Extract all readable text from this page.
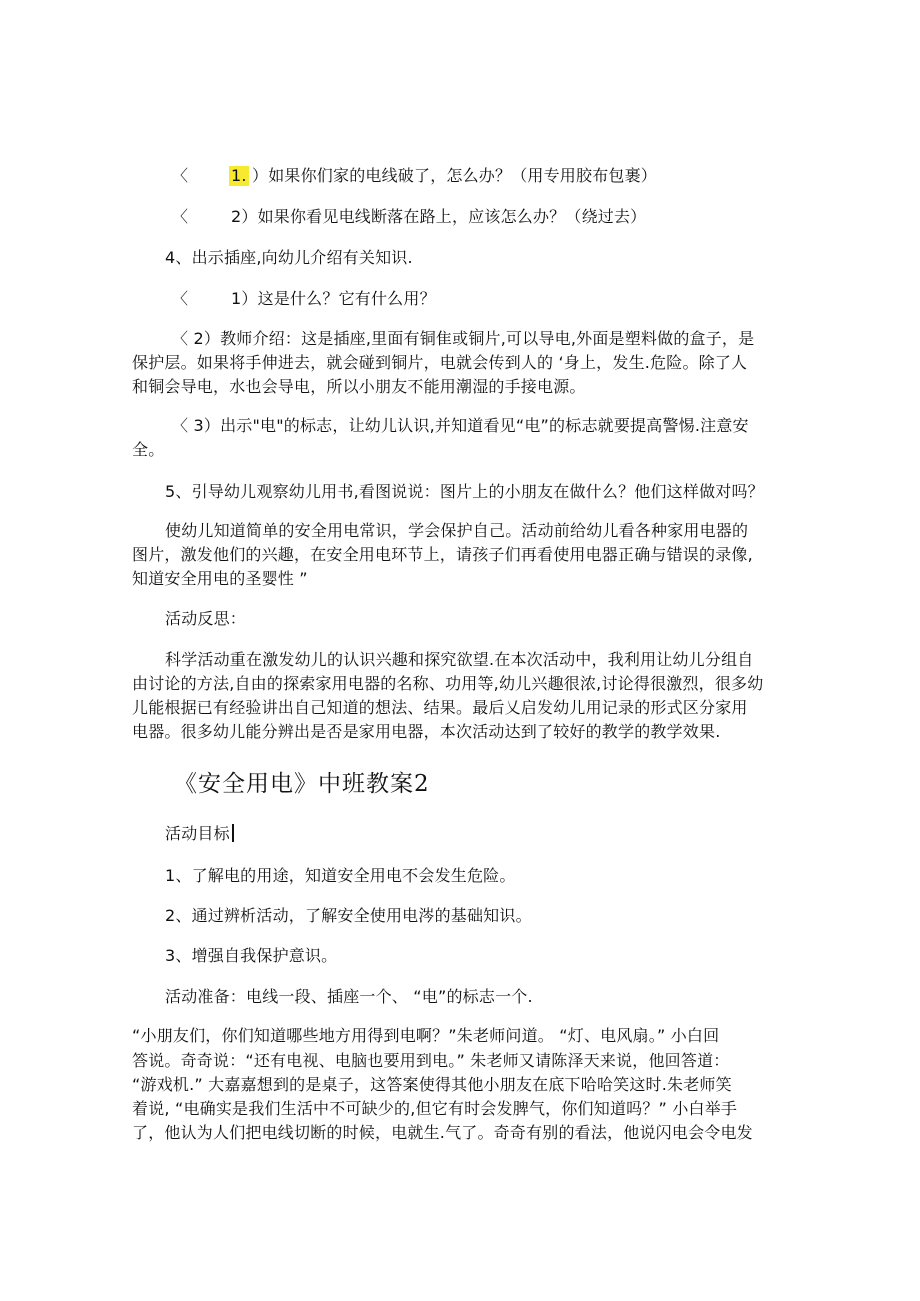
〈	1. ）如果你们家的电线破了，怎么办？（用专用胶布包裹）
〈	2）如果你看见电线断落在路上，应该怎么办？（绕过去）
4、出示插座,向幼儿介绍有关知识.
〈	1）这是什么？它有什么用？
〈 2）教师介绍：这是插座,里面有铜隹或铜片,可以导电,外面是塑料做的盒子，是
保护层。如果将手伸进去，就会碰到铜片，电就会传到人的 ‘身上，发生.危险。除了人
和铜会导电，水也会导电，所以小朋友不能用潮湿的手接电源。
〈 3）出示"电"的标志，让幼儿认识,并知道看见“电”的标志就要提高警惕.注意安
全。
5、引导幼儿观察幼儿用书,看图说说：图片上的小朋友在做什么？他们这样做对吗？
使幼儿知道简单的安全用电常识，学会保护自己。活动前给幼儿看各种家用电器的
图片，激发他们的兴趣，在安全用电环节上，请孩子们再看使用电器正确与错误的录像,
知道安全用电的圣婴性 ”
活动反思：
科学活动重在激发幼儿的认识兴趣和探究欲望.在本次活动中，我利用让幼儿分组自
由讨论的方法,自由的探索家用电器的名称、功用等,幼儿兴趣很浓,讨论得很激烈，很多幼
儿能根据已有经验讲出自己知道的想法、结果。最后乂启发幼儿用记录的形式区分家用
电器。很多幼儿能分辨出是否是家用电器，本次活动达到了较好的教学的教学效果.
《安全用电》中班教案2
活动目标
1、了解电的用途，知道安全用电不会发生危险。
2、通过辨析活动，了解安全使用电涔的基础知识。
3、增强自我保护意识。
活动准备：电线一段、插座一个、 “电”的标志一个.
“小朋友们，你们知道哪些地方用得到电啊？”朱老师问道。 “灯、电风扇。” 小白回
答说。奇奇说：“还有电视、电脑也要用到电。” 朱老师又请陈泽天来说，他回答道：
“游戏机.” 大嘉嘉想到的是桌子，这答案使得其他小朋友在底下哈哈笑这时.朱老师笑
着说, “电确实是我们生活中不可缺少的,但它有时会发脾气，你们知道吗？” 小白举手
了，他认为人们把电线切断的时候，电就生.气了。奇奇有别的看法，他说闪电会令电发
